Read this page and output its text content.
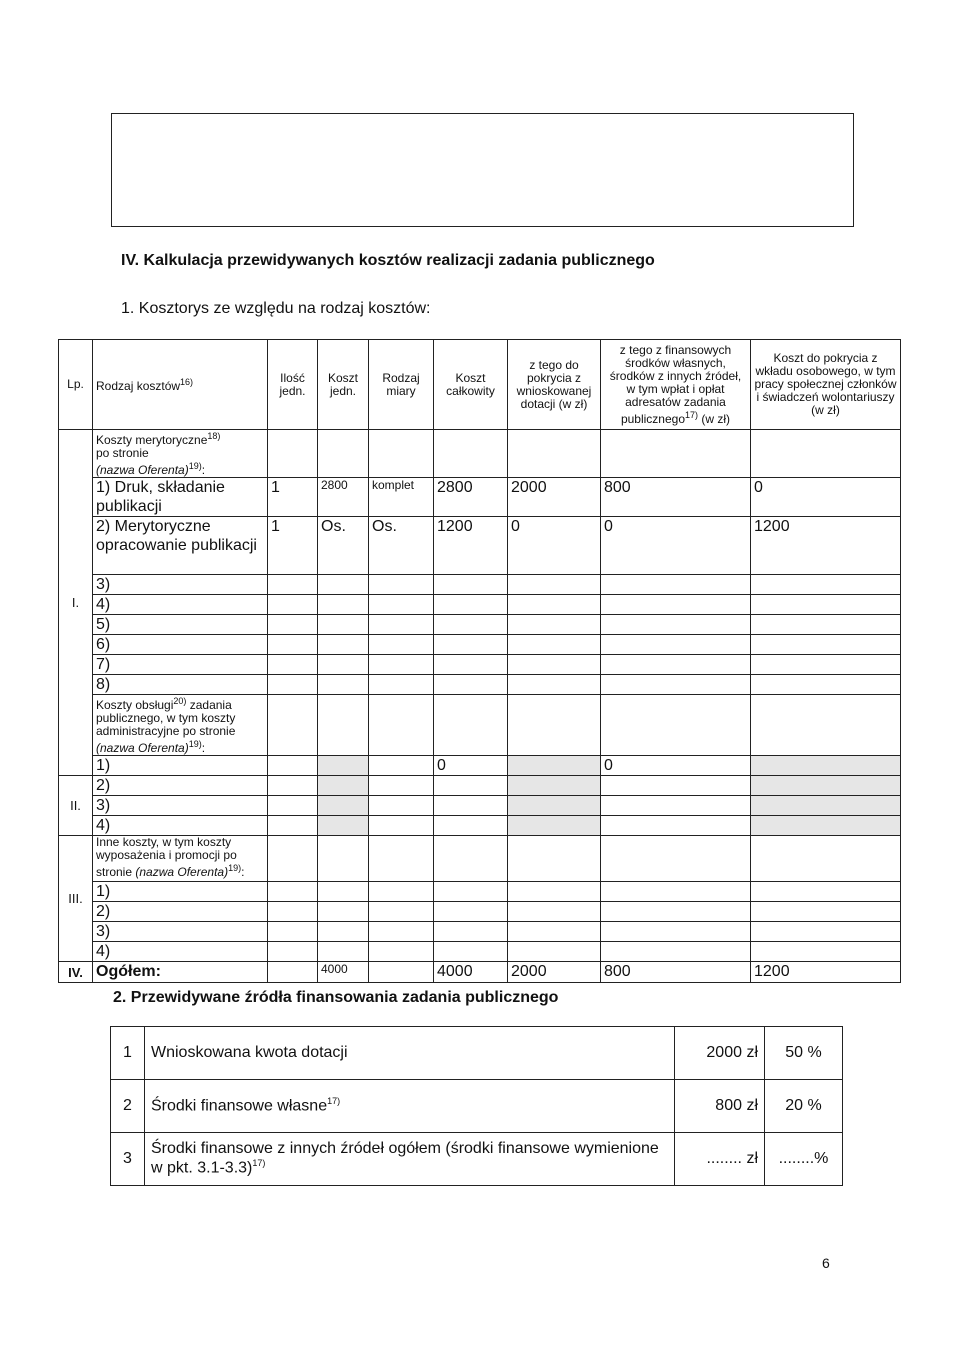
IV. Kalkulacja przewidywanych kosztów realizacji zadania publicznego
1. Kosztorys ze względu na rodzaj kosztów:
Lp.	Rodzaj kosztów$^{16)}$	Ilość jedn.	Koszt jedn.	Rodzaj miary	Koszt całkowity	z tego do pokrycia z wnioskowanej dotacji (w zł)	z tego z finansowych środków własnych, środków z innych źródeł, w tym wpłat i opłat adresatów zadania publicznego$^{17)}$ (w zł)	Koszt do pokrycia z wkładu osobowego, w tym pracy społecznej członków i świadczeń wolontariuszy (w zł)
I.	Koszty merytoryczne$^{18)}$
po stronie
(nazwa Oferenta)$^{19)}$:							
	1) Druk, składanie publikacji	1	2800	komplet	2800	2000	800	0
	2) Merytoryczne opracowanie publikacji	1	Os.	Os.	1200	0	0	1200
	3)							
	4)							
	5)							
	6)							
	7)							
	8)							
	Koszty obsługi$^{20)}$ zadania publicznego, w tym koszty administracyjne po stronie
(nazwa Oferenta)$^{19)}$:							
	1)				0		0	
II.	2)							
	3)							
	4)							
III.	Inne koszty, w tym koszty wyposażenia i promocji po stronie (nazwa Oferenta)$^{19)}$:							
	1)							
	2)							
	3)							
	4)							
IV.	Ogółem:		4000		4000	2000	800	1200
2. Przewidywane źródła finansowania zadania publicznego
1	Wnioskowana kwota dotacji	2000 zł	50 %
2	Środki finansowe własne$^{17)}$	800 zł	20 %
3	Środki finansowe z innych źródeł ogółem (środki finansowe wymienione w pkt. 3.1-3.3)$^{17)}$	........ zł	........%
6
